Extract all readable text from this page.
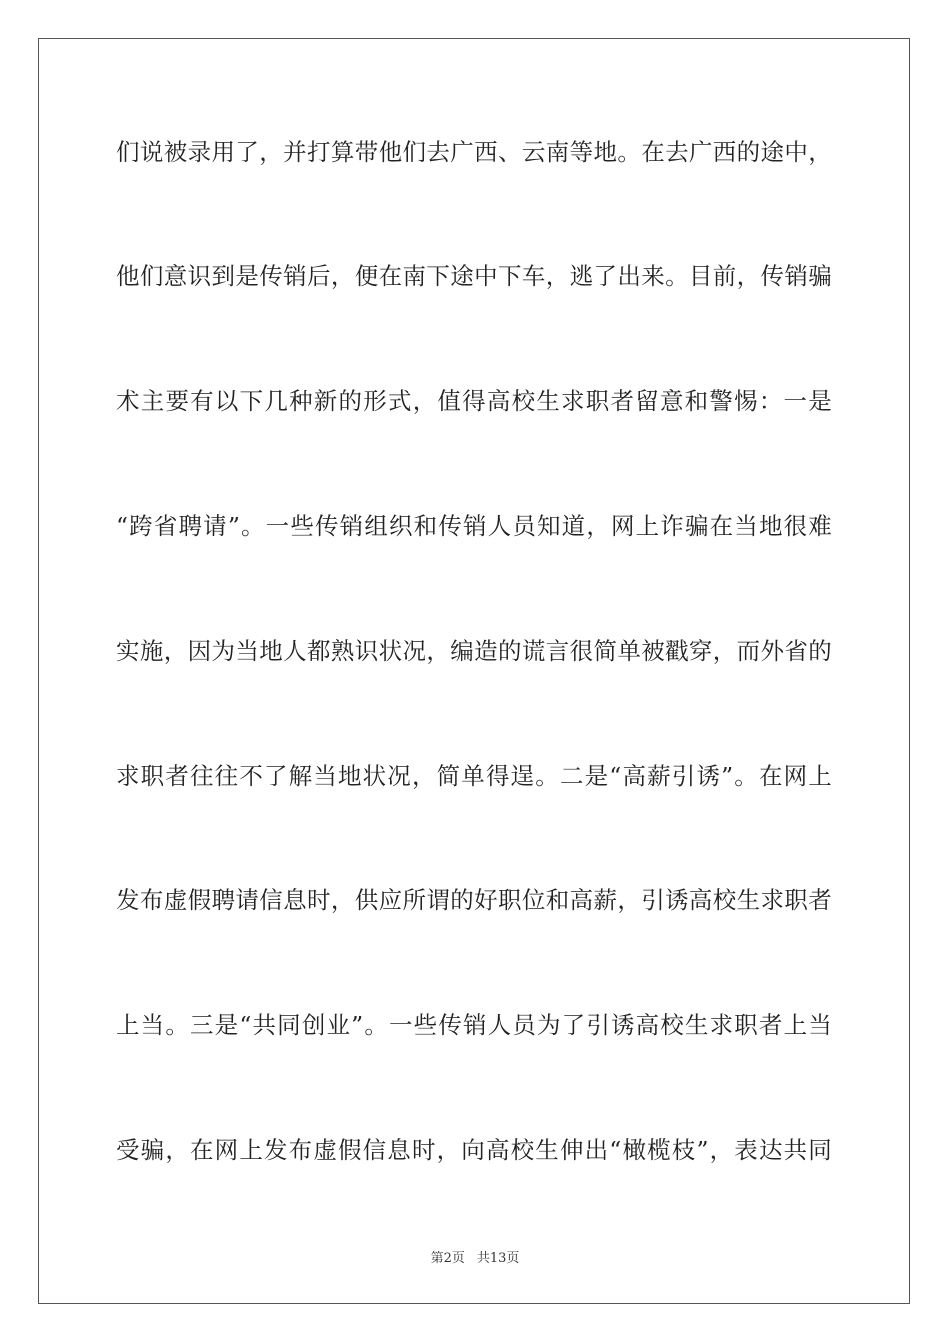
们说被录用了，并打算带他们去广西、云南等地。在去广西的途中，
他们意识到是传销后，便在南下途中下车，逃了出来。目前，传销骗
术主要有以下几种新的形式，值得高校生求职者留意和警惕：一是
“跨省聘请”。一些传销组织和传销人员知道，网上诈骗在当地很难
实施，因为当地人都熟识状况，编造的谎言很简单被戳穿，而外省的
求职者往往不了解当地状况，简单得逞。二是“高薪引诱”。在网上
发布虚假聘请信息时，供应所谓的好职位和高薪，引诱高校生求职者
上当。三是“共同创业”。一些传销人员为了引诱高校生求职者上当
受骗，在网上发布虚假信息时，向高校生伸出“橄榄枝”，表达共同
第2页 共13页
